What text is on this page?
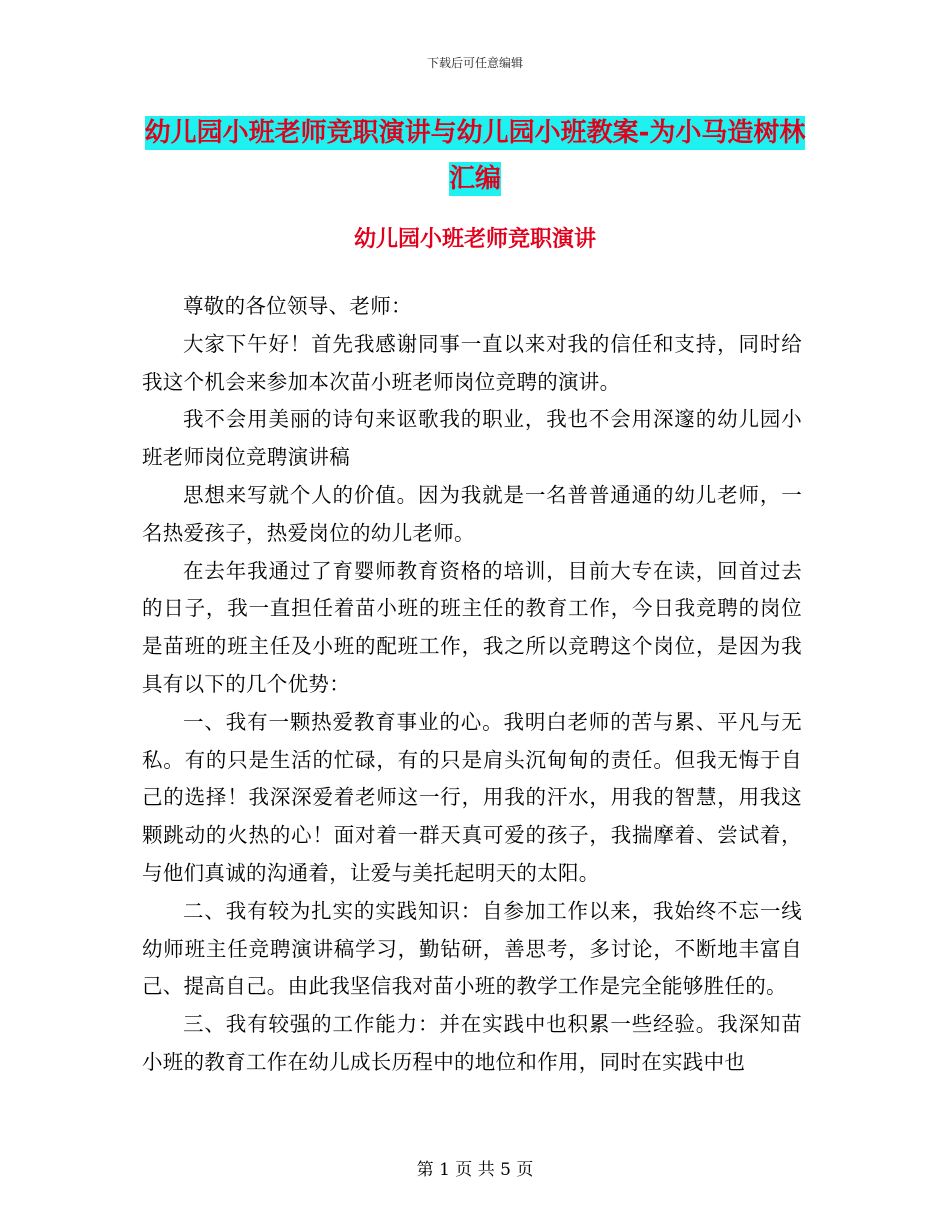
下载后可任意编辑
幼儿园小班老师竞职演讲与幼儿园小班教案-为小马造树林汇编
幼儿园小班老师竞职演讲

尊敬的各位领导、老师：

大家下午好！首先我感谢同事一直以来对我的信任和支持，同时给我这个机会来参加本次苗小班老师岗位竞聘的演讲。

我不会用美丽的诗句来讴歌我的职业，我也不会用深邃的幼儿园小班老师岗位竞聘演讲稿

思想来写就个人的价值。因为我就是一名普普通通的幼儿老师，一名热爱孩子，热爱岗位的幼儿老师。

在去年我通过了育婴师教育资格的培训，目前大专在读，回首过去的日子，我一直担任着苗小班的班主任的教育工作，今日我竞聘的岗位是苗班的班主任及小班的配班工作，我之所以竞聘这个岗位，是因为我具有以下的几个优势：

一、我有一颗热爱教育事业的心。我明白老师的苦与累、平凡与无私。有的只是生活的忙碌，有的只是肩头沉甸甸的责任。但我无悔于自己的选择！我深深爱着老师这一行，用我的汗水，用我的智慧，用我这颗跳动的火热的心！面对着一群天真可爱的孩子，我揣摩着、尝试着，与他们真诚的沟通着，让爱与美托起明天的太阳。

二、我有较为扎实的实践知识：自参加工作以来，我始终不忘一线幼师班主任竞聘演讲稿学习，勤钻研，善思考，多讨论，不断地丰富自己、提高自己。由此我坚信我对苗小班的教学工作是完全能够胜任的。

三、我有较强的工作能力：并在实践中也积累一些经验。我深知苗小班的教育工作在幼儿成长历程中的地位和作用，同时在实践中也

第 1 页 共 5 页
